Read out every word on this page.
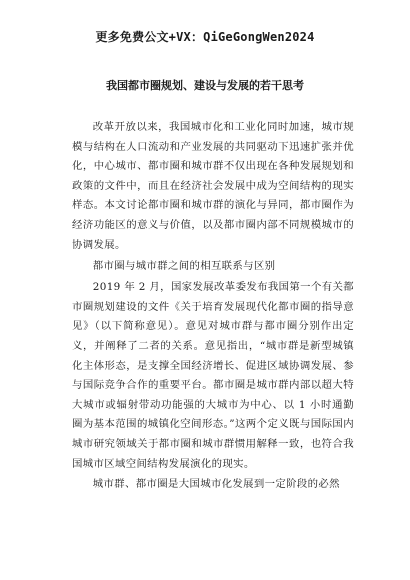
更多免费公文+VX：QiGeGongWen2024
我国都市圈规划、建设与发展的若干思考

改革开放以来，我国城市化和工业化同时加速，城市规模与结构在人口流动和产业发展的共同驱动下迅速扩张并优化，中心城市、都市圈和城市群不仅出现在各种发展规划和政策的文件中，而且在经济社会发展中成为空间结构的现实样态。本文讨论都市圈和城市群的演化与异同，都市圈作为经济功能区的意义与价值，以及都市圈内部不同规模城市的协调发展。

都市圈与城市群之间的相互联系与区别

2019 年 2 月，国家发展改革委发布我国第一个有关都市圈规划建设的文件《关于培育发展现代化都市圈的指导意见》（以下简称意见）。意见对城市群与都市圈分别作出定义，并阐释了二者的关系。意见指出，“城市群是新型城镇化主体形态，是支撑全国经济增长、促进区域协调发展、参与国际竞争合作的重要平台。都市圈是城市群内部以超大特大城市或辐射带动功能强的大城市为中心、以 1 小时通勤圈为基本范围的城镇化空间形态。”这两个定义既与国际国内城市研究领域关于都市圈和城市群惯用解释一致，也符合我国城市区域空间结构发展演化的现实。

城市群、都市圈是大国城市化发展到一定阶段的必然
